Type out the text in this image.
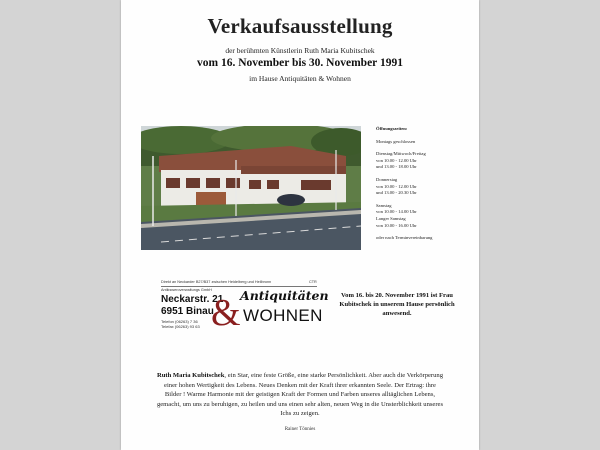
Verkaufsausstellung
der berühmten Künstlerin Ruth Maria Kubitschek
vom 16. November bis 30. November 1991
im Hause Antiquitäten & Wohnen
Öffnungszeiten:
Montags geschlossen
Dienstag/Mittwoch/Freitag
von 10.00 - 12.00 Uhr
und 13.00 - 18.00 Uhr
Donnerstag
von 10.00 - 12.00 Uhr
und 13.00 - 20.30 Uhr
Samstag
von 10.00 - 14.00 Uhr
Langer Samstag
von 10.00 - 16.00 Uhr
oder nach Terminvereinbarung
Direkt an Neckarder B27/B37 zwischen Heidelberg und Heilbronn	CTR
Antiksweroverwaltungs GmbH
Neckarstr. 21
6951 Binau
Telefon (06263) 7 36
Telefax (06263) 93 63 & Antiquitäten
WOHNEN
Vom 16. bis 20. November 1991 ist Frau Kubitschek in unserem Hause persönlich anwesend.
Ruth Maria Kubitschek, ein Star, eine feste Größe, eine starke Persönlichkeit. Aber auch die Verkörperung einer hohen Wertigkeit des Lebens. Neues Denken mit der Kraft ihrer erkannten Seele. Der Ertrag: ihre Bilder ! Warme Harmonie mit der geistigen Kraft der Formen und Farben unseres alltäglichen Lebens, gemacht, um uns zu beruhigen, zu heilen und uns einen sehr alten, neuen Weg in die Unsterblichkeit unseres Ichs zu zeigen.
Rainer Tönnies
